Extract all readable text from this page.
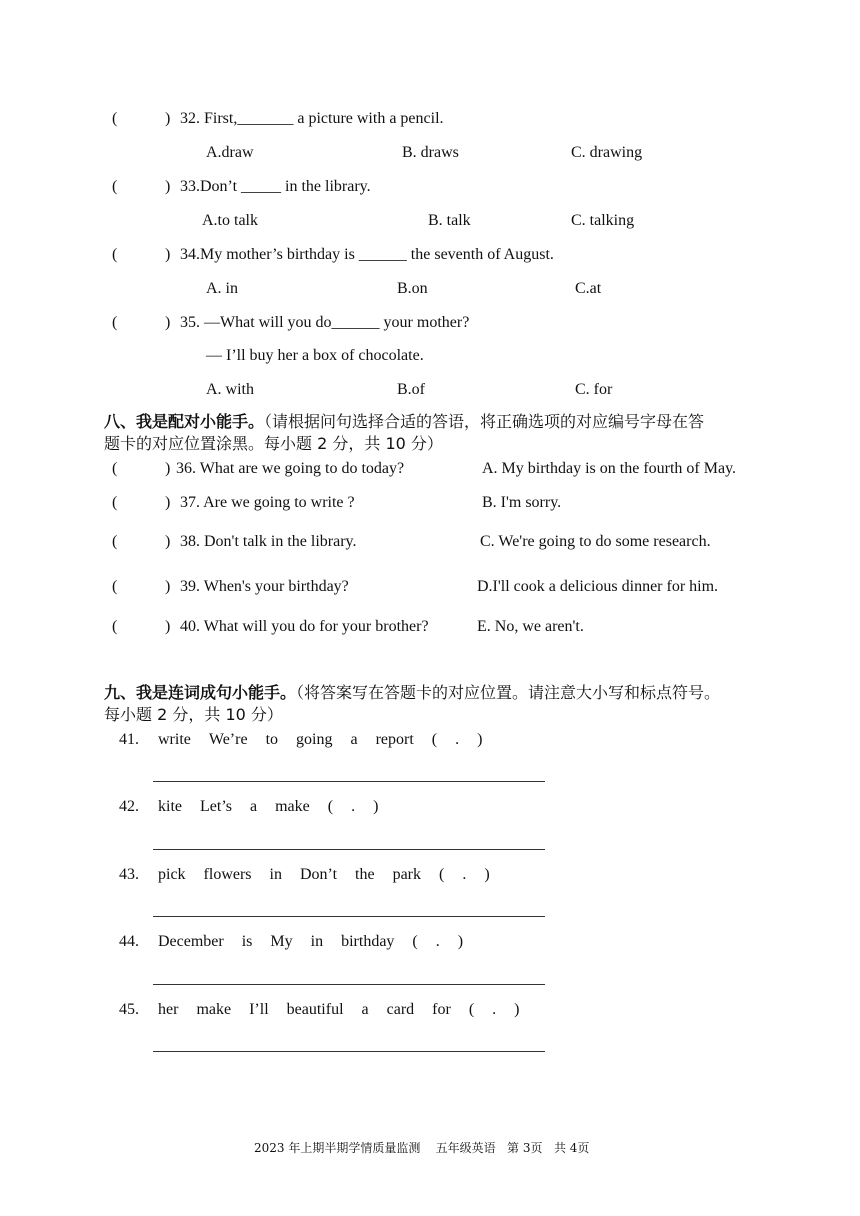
(	) 32. First,_______ a picture with a pencil.
A.draw	B. draws	C. drawing
(	) 33.Don’t _____ in the library.
A.to talk	B. talk	C. talking
(	) 34.My mother’s birthday is ______ the seventh of August.
A. in	B.on	C.at
(	) 35. —What will you do______ your mother?
— I’ll buy her a box of chocolate.
A. with	B.of	C. for
八、我是配对小能手。（请根据问句选择合适的答语，将正确选项的对应编号字母在答
题卡的对应位置涂黑。每小题 2 分，共 10 分）
(	) 36. What are we going to do today?	A. My birthday is on the fourth of May.
(	) 37. Are we going to write ?	B. I'm sorry.
(	) 38. Don't talk in the library.	C. We're going to do some research.
(	) 39. When's your birthday?	D.I'll cook a delicious dinner for him.
(	) 40. What will you do for your brother?	E. No, we aren't.
九、我是连词成句小能手。（将答案写在答题卡的对应位置。请注意大小写和标点符号。
每小题 2 分，共 10 分）
41. write We’re to going a report ( . )
42. kite Let’s a make ( . )
43. pick flowers in Don’t the park ( . )
44. December is My in birthday ( . )
45. her make I’ll beautiful a card for ( . )
2023 年上期半期学情质量监测    五年级英语   第 3页   共 4页
